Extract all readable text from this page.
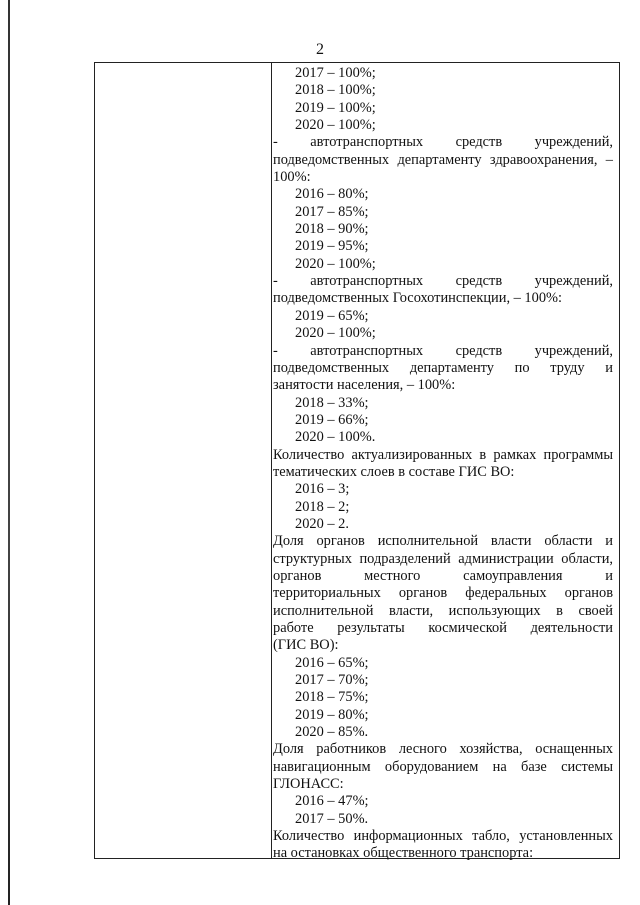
2
2017 – 100%;
2018 – 100%;
2019 – 100%;
2020 – 100%;
- автотранспортных средств учреждений,
подведомственных департаменту здравоохранения, –
100%:
2016 – 80%;
2017 – 85%;
2018 – 90%;
2019 – 95%;
2020 – 100%;
- автотранспортных средств учреждений,
подведомственных Госохотинспекции, – 100%:
2019 – 65%;
2020 – 100%;
- автотранспортных средств учреждений,
подведомственных департаменту по труду и
занятости населения, – 100%:
2018 – 33%;
2019 – 66%;
2020 – 100%.
Количество актуализированных в рамках программы
тематических слоев в составе ГИС ВО:
2016 – 3;
2018 – 2;
2020 – 2.
Доля органов исполнительной власти области и
структурных подразделений администрации области,
органов местного самоуправления и
территориальных органов федеральных органов
исполнительной власти, использующих в своей
работе результаты космической деятельности
(ГИС ВО):
2016 – 65%;
2017 – 70%;
2018 – 75%;
2019 – 80%;
2020 – 85%.
Доля работников лесного хозяйства, оснащенных
навигационным оборудованием на базе системы
ГЛОНАСС:
2016 – 47%;
2017 – 50%.
Количество информационных табло, установленных
на остановках общественного транспорта:
